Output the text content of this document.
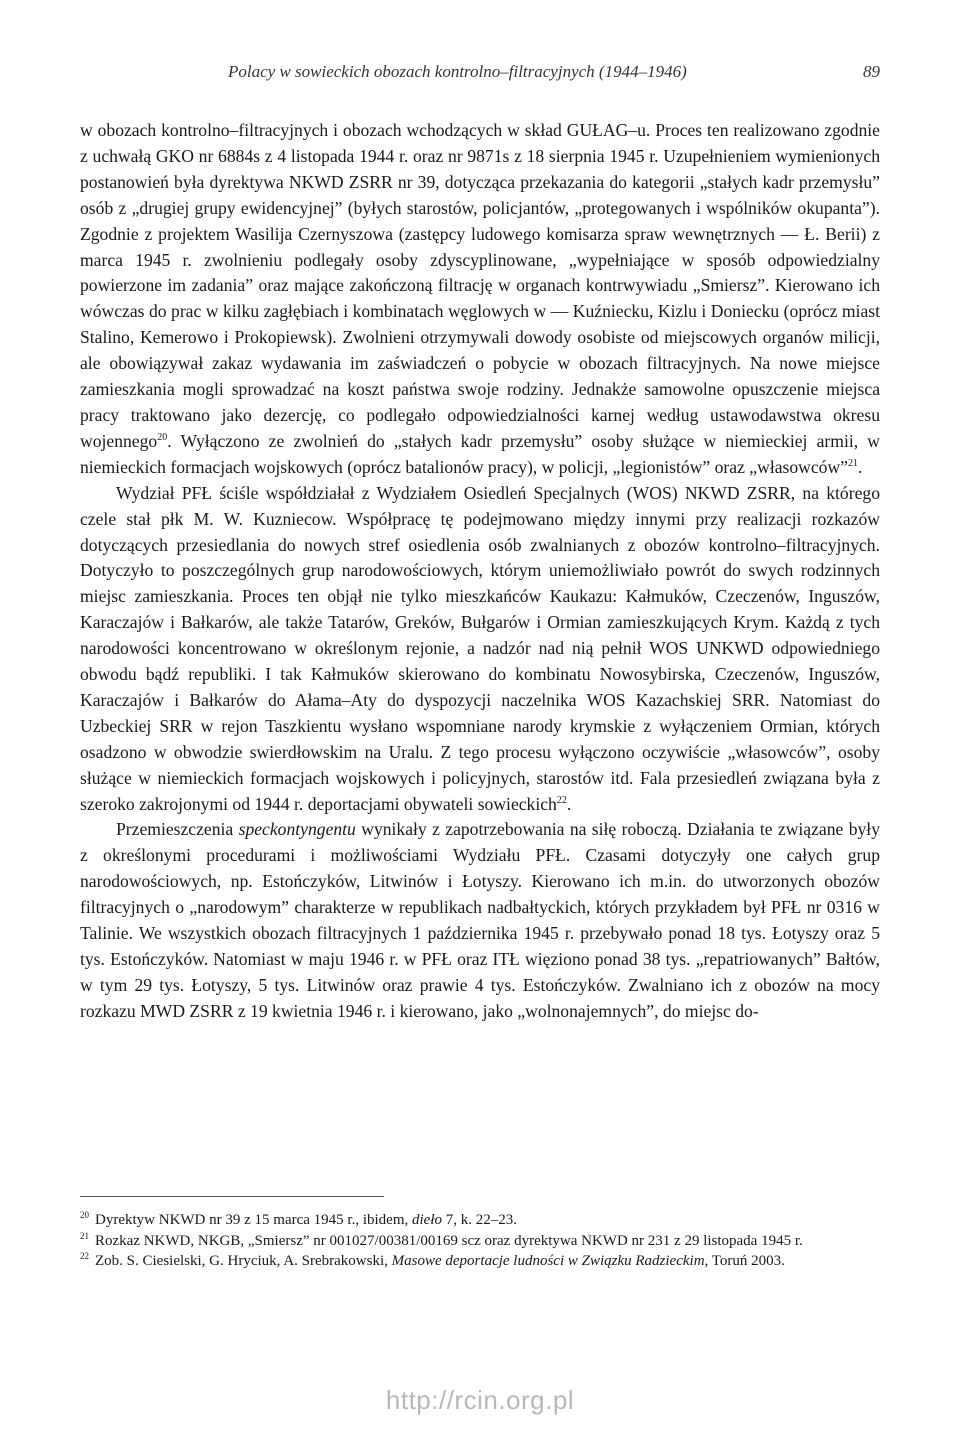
Polacy w sowieckich obozach kontrolno–filtracyjnych (1944–1946)	89

w obozach kontrolno–filtracyjnych i obozach wchodzących w skład GUŁAG–u. Proces ten realizowano zgodnie z uchwałą GKO nr 6884s z 4 listopada 1944 r. oraz nr 9871s z 18 sierpnia 1945 r. Uzupełnieniem wymienionych postanowień była dyrektywa NKWD ZSRR nr 39, dotycząca przekazania do kategorii „stałych kadr przemysłu” osób z „drugiej grupy ewidencyjnej” (byłych starostów, policjantów, „protegowanych i wspólników okupanta”). Zgodnie z projektem Wasilija Czernyszowa (zastępcy ludowego komisarza spraw wewnętrznych — Ł. Berii) z marca 1945 r. zwolnieniu podlegały osoby zdyscyplinowane, „wypełniające w sposób odpowiedzialny powierzone im zadania” oraz mające zakończoną filtrację w organach kontrwywiadu „Smiersz”. Kierowano ich wówczas do prac w kilku zagłębiach i kombinatach węglowych w — Kuźniecku, Kizlu i Doniecku (oprócz miast Stalino, Kemerowo i Prokopiewsk). Zwolnieni otrzymywali dowody osobiste od miejscowych organów milicji, ale obowiązywał zakaz wydawania im zaświadczeń o pobycie w obozach filtracyjnych. Na nowe miejsce zamieszkania mogli sprowadzać na koszt państwa swoje rodziny. Jednakże samowolne opuszczenie miejsca pracy traktowano jako dezercję, co podlegało odpowiedzialności karnej według ustawodawstwa okresu wojennego$^{20}$. Wyłączono ze zwolnień do „stałych kadr przemysłu” osoby służące w niemieckiej armii, w niemieckich formacjach wojskowych (oprócz batalionów pracy), w policji, „legionistów” oraz „własowców”$^{21}$.

Wydział PFŁ ściśle współdziałał z Wydziałem Osiedleń Specjalnych (WOS) NKWD ZSRR, na którego czele stał płk M. W. Kuzniecow. Współpracę tę podejmowano między innymi przy realizacji rozkazów dotyczących przesiedlania do nowych stref osiedlenia osób zwalnianych z obozów kontrolno–filtracyjnych. Dotyczyło to poszczególnych grup narodowościowych, którym uniemożliwiało powrót do swych rodzinnych miejsc zamieszkania. Proces ten objął nie tylko mieszkańców Kaukazu: Kałmuków, Czeczenów, Inguszów, Karaczajów i Bałkarów, ale także Tatarów, Greków, Bułgarów i Ormian zamieszkujących Krym. Każdą z tych narodowości koncentrowano w określonym rejonie, a nadzór nad nią pełnił WOS UNKWD odpowiedniego obwodu bądź republiki. I tak Kałmuków skierowano do kombinatu Nowosybirska, Czeczenów, Inguszów, Karaczajów i Bałkarów do Ałama–Aty do dyspozycji naczelnika WOS Kazachskiej SRR. Natomiast do Uzbeckiej SRR w rejon Taszkientu wysłano wspomniane narody krymskie z wyłączeniem Ormian, których osadzono w obwodzie swierdłowskim na Uralu. Z tego procesu wyłączono oczywiście „własowców”, osoby służące w niemieckich formacjach wojskowych i policyjnych, starostów itd. Fala przesiedleń związana była z szeroko zakrojonymi od 1944 r. deportacjami obywateli sowieckich$^{22}$.

Przemieszczenia speckontyngentu wynikały z zapotrzebowania na siłę roboczą. Działania te związane były z określonymi procedurami i możliwościami Wydziału PFŁ. Czasami dotyczyły one całych grup narodowościowych, np. Estończyków, Litwinów i Łotyszy. Kierowano ich m.in. do utworzonych obozów filtracyjnych o „narodowym” charakterze w republikach nadbałtyckich, których przykładem był PFŁ nr 0316 w Talinie. We wszystkich obozach filtracyjnych 1 października 1945 r. przebywało ponad 18 tys. Łotyszy oraz 5 tys. Estończyków. Natomiast w maju 1946 r. w PFŁ oraz ITŁ więziono ponad 38 tys. „repatriowanych” Bałtów, w tym 29 tys. Łotyszy, 5 tys. Litwinów oraz prawie 4 tys. Estończyków. Zwalniano ich z obozów na mocy rozkazu MWD ZSRR z 19 kwietnia 1946 r. i kierowano, jako „wolnonajemnych”, do miejsc do-

$^{20}$ Dyrektyw NKWD nr 39 z 15 marca 1945 r., ibidem, dieło 7, k. 22–23.

$^{21}$ Rozkaz NKWD, NKGB, „Smiersz” nr 001027/00381/00169 scz oraz dyrektywa NKWD nr 231 z 29 listopada 1945 r.

$^{22}$ Zob. S. Ciesielski, G. Hryciuk, A. Srebrakowski, Masowe deportacje ludności w Związku Radzieckim, Toruń 2003.

http://rcin.org.pl
